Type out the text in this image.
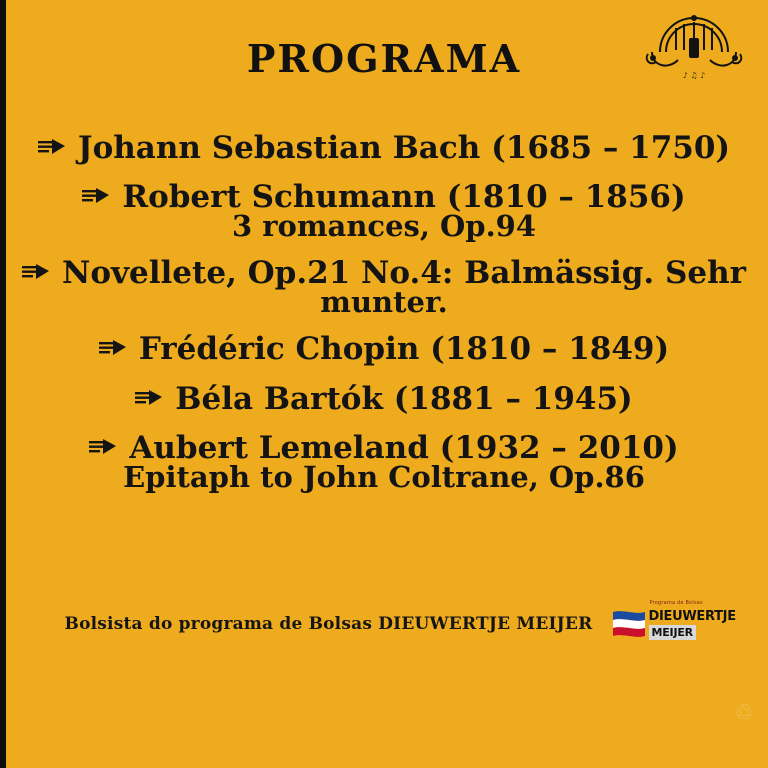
PROGRAMA	♪ ♫ ♪
Johann Sebastian Bach (1685 – 1750)
Robert Schumann (1810 – 1856)
3 romances, Op.94
Novellete, Op.21 No.4: Balmässig. Sehr
munter.
Frédéric Chopin (1810 – 1849)
Béla Bartók (1881 – 1945)
Aubert Lemeland (1932 – 2010)
Epitaph to John Coltrane, Op.86
Bolsista do programa de Bolsas DIEUWERTJE MEIJER
Programa de Bolsas
DIEUWERTJE
MEIJER
♲
